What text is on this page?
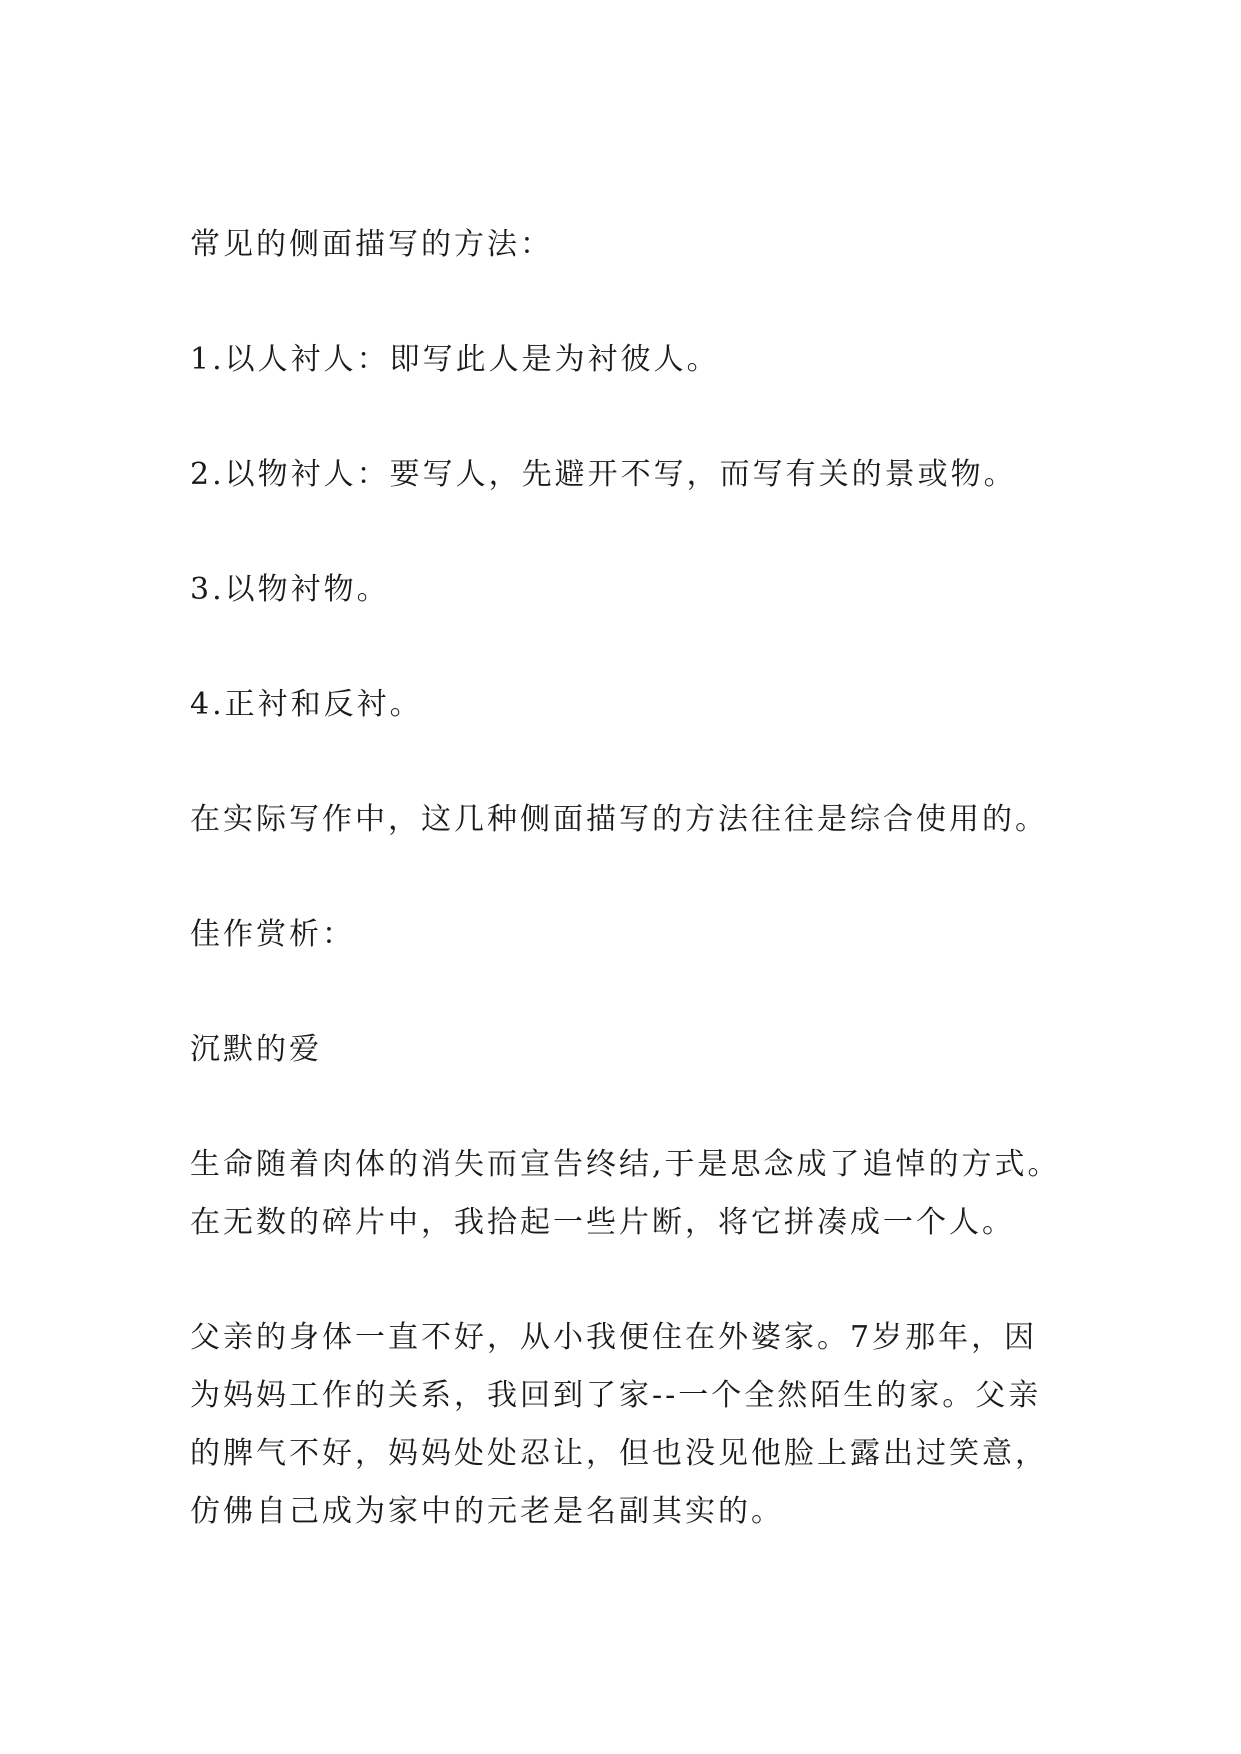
常见的侧面描写的方法：
1.以人衬人：即写此人是为衬彼人。
2.以物衬人：要写人，先避开不写，而写有关的景或物。
3.以物衬物。
4.正衬和反衬。
在实际写作中，这几种侧面描写的方法往往是综合使用的。
佳作赏析：
沉默的爱
生命随着肉体的消失而宣告终结,于是思念成了追悼的方式。
在无数的碎片中，我拾起一些片断，将它拼凑成一个人。
父亲的身体一直不好，从小我便住在外婆家。7岁那年，因
为妈妈工作的关系，我回到了家--一个全然陌生的家。父亲
的脾气不好，妈妈处处忍让，但也没见他脸上露出过笑意，
仿佛自己成为家中的元老是名副其实的。
